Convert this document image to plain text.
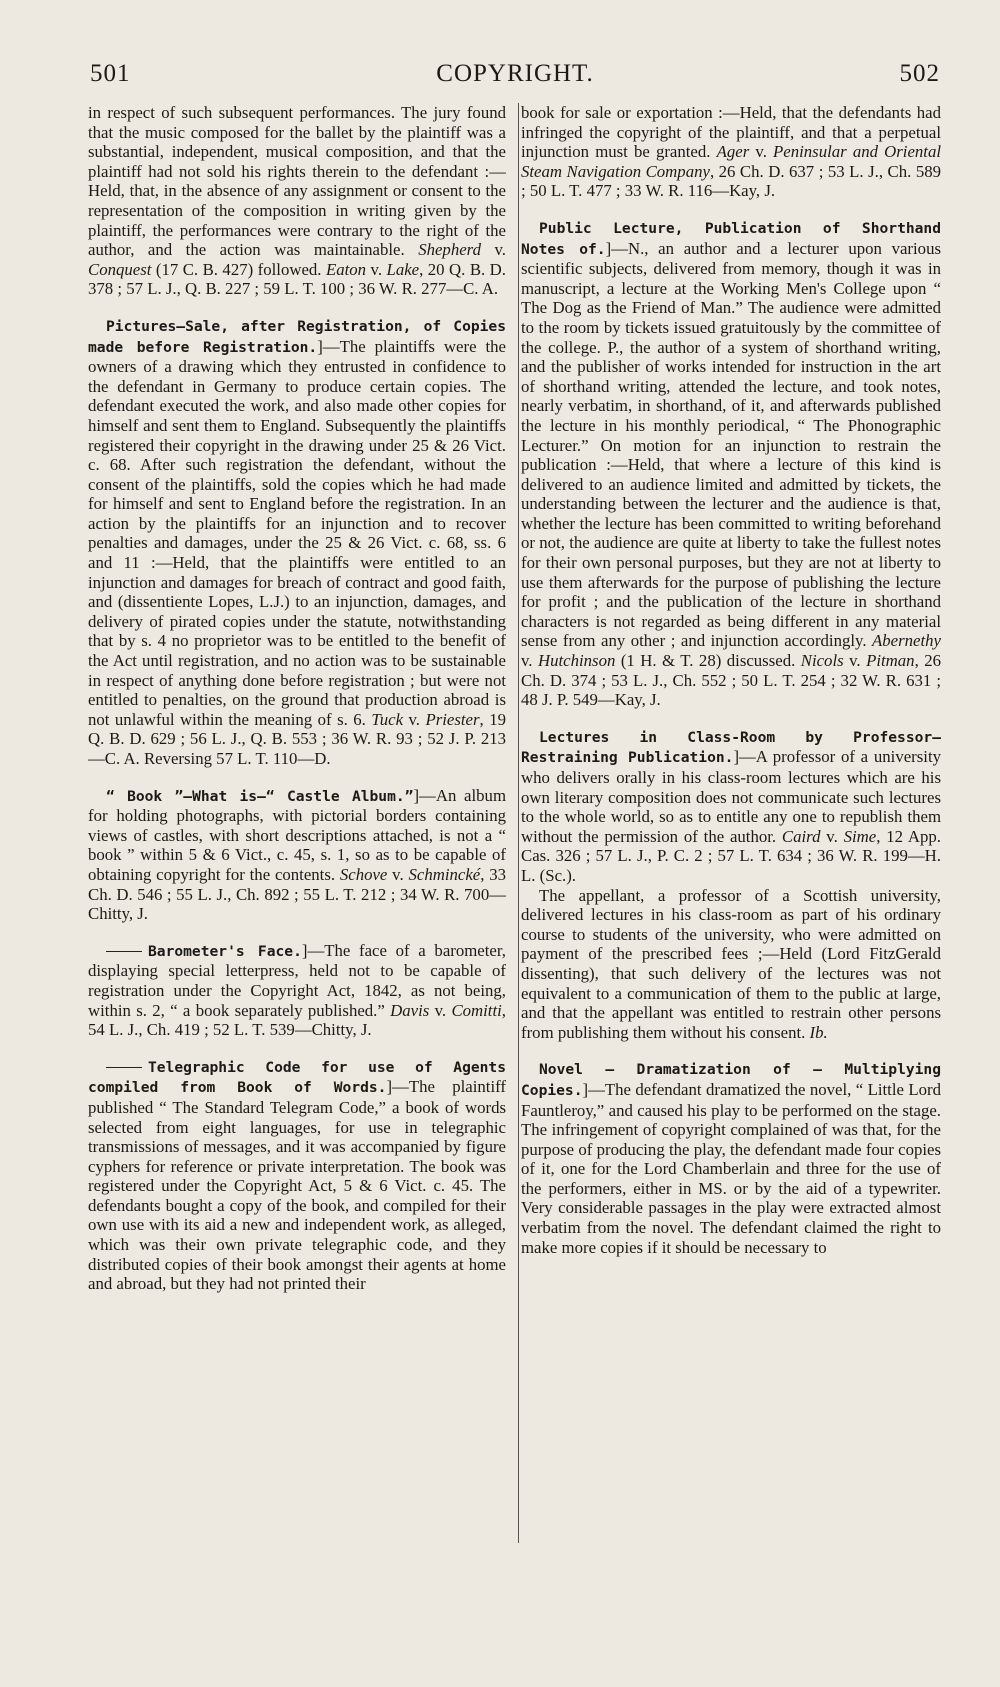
501	COPYRIGHT.	502

in respect of such subsequent performances. The jury found that the music composed for the ballet by the plaintiff was a substantial, independent, musical composition, and that the plaintiff had not sold his rights therein to the defendant :—Held, that, in the absence of any assignment or consent to the representation of the composition in writing given by the plaintiff, the performances were contrary to the right of the author, and the action was maintainable. Shepherd v. Conquest (17 C. B. 427) followed. Eaton v. Lake, 20 Q. B. D. 378 ; 57 L. J., Q. B. 227 ; 59 L. T. 100 ; 36 W. R. 277—C. A.

Pictures—Sale, after Registration, of Copies made before Registration.]—The plaintiffs were the owners of a drawing which they entrusted in confidence to the defendant in Germany to produce certain copies. The defendant executed the work, and also made other copies for himself and sent them to England. Subsequently the plaintiffs registered their copyright in the drawing under 25 & 26 Vict. c. 68. After such registration the defendant, without the consent of the plaintiffs, sold the copies which he had made for himself and sent to England before the registration. In an action by the plaintiffs for an injunction and to recover penalties and damages, under the 25 & 26 Vict. c. 68, ss. 6 and 11 :—Held, that the plaintiffs were entitled to an injunction and damages for breach of contract and good faith, and (dissentiente Lopes, L.J.) to an injunction, damages, and delivery of pirated copies under the statute, notwithstanding that by s. 4 no proprietor was to be entitled to the benefit of the Act until registration, and no action was to be sustainable in respect of anything done before registration ; but were not entitled to penalties, on the ground that production abroad is not unlawful within the meaning of s. 6. Tuck v. Priester, 19 Q. B. D. 629 ; 56 L. J., Q. B. 553 ; 36 W. R. 93 ; 52 J. P. 213—C. A. Reversing 57 L. T. 110—D.

“ Book ”—What is—“ Castle Album.”]—An album for holding photographs, with pictorial borders containing views of castles, with short descriptions attached, is not a “ book ” within 5 & 6 Vict., c. 45, s. 1, so as to be capable of obtaining copyright for the contents. Schove v. Schmincké, 33 Ch. D. 546 ; 55 L. J., Ch. 892 ; 55 L. T. 212 ; 34 W. R. 700—Chitty, J.

Barometer's Face.]—The face of a barometer, displaying special letterpress, held not to be capable of registration under the Copyright Act, 1842, as not being, within s. 2, “ a book separately published.” Davis v. Comitti, 54 L. J., Ch. 419 ; 52 L. T. 539—Chitty, J.

Telegraphic Code for use of Agents compiled from Book of Words.]—The plaintiff published “ The Standard Telegram Code,” a book of words selected from eight languages, for use in telegraphic transmissions of messages, and it was accompanied by figure cyphers for reference or private interpretation. The book was registered under the Copyright Act, 5 & 6 Vict. c. 45. The defendants bought a copy of the book, and compiled for their own use with its aid a new and independent work, as alleged, which was their own private telegraphic code, and they distributed copies of their book amongst their agents at home and abroad, but they had not printed their

book for sale or exportation :—Held, that the defendants had infringed the copyright of the plaintiff, and that a perpetual injunction must be granted. Ager v. Peninsular and Oriental Steam Navigation Company, 26 Ch. D. 637 ; 53 L. J., Ch. 589 ; 50 L. T. 477 ; 33 W. R. 116—Kay, J.

Public Lecture, Publication of Shorthand Notes of.]—N., an author and a lecturer upon various scientific subjects, delivered from memory, though it was in manuscript, a lecture at the Working Men's College upon “ The Dog as the Friend of Man.” The audience were admitted to the room by tickets issued gratuitously by the committee of the college. P., the author of a system of shorthand writing, and the publisher of works intended for instruction in the art of shorthand writing, attended the lecture, and took notes, nearly verbatim, in shorthand, of it, and afterwards published the lecture in his monthly periodical, “ The Phonographic Lecturer.” On motion for an injunction to restrain the publication :—Held, that where a lecture of this kind is delivered to an audience limited and admitted by tickets, the understanding between the lecturer and the audience is that, whether the lecture has been committed to writing beforehand or not, the audience are quite at liberty to take the fullest notes for their own personal purposes, but they are not at liberty to use them afterwards for the purpose of publishing the lecture for profit ; and the publication of the lecture in shorthand characters is not regarded as being different in any material sense from any other ; and injunction accordingly. Abernethy v. Hutchinson (1 H. & T. 28) discussed. Nicols v. Pitman, 26 Ch. D. 374 ; 53 L. J., Ch. 552 ; 50 L. T. 254 ; 32 W. R. 631 ; 48 J. P. 549—Kay, J.

Lectures in Class-Room by Professor—Restraining Publication.]—A professor of a university who delivers orally in his class-room lectures which are his own literary composition does not communicate such lectures to the whole world, so as to entitle any one to republish them without the permission of the author. Caird v. Sime, 12 App. Cas. 326 ; 57 L. J., P. C. 2 ; 57 L. T. 634 ; 36 W. R. 199—H. L. (Sc.).

The appellant, a professor of a Scottish university, delivered lectures in his class-room as part of his ordinary course to students of the university, who were admitted on payment of the prescribed fees ;—Held (Lord FitzGerald dissenting), that such delivery of the lectures was not equivalent to a communication of them to the public at large, and that the appellant was entitled to restrain other persons from publishing them without his consent. Ib.

Novel — Dramatization of — Multiplying Copies.]—The defendant dramatized the novel, “ Little Lord Fauntleroy,” and caused his play to be performed on the stage. The infringement of copyright complained of was that, for the purpose of producing the play, the defendant made four copies of it, one for the Lord Chamberlain and three for the use of the performers, either in MS. or by the aid of a typewriter. Very considerable passages in the play were extracted almost verbatim from the novel. The defendant claimed the right to make more copies if it should be necessary to
